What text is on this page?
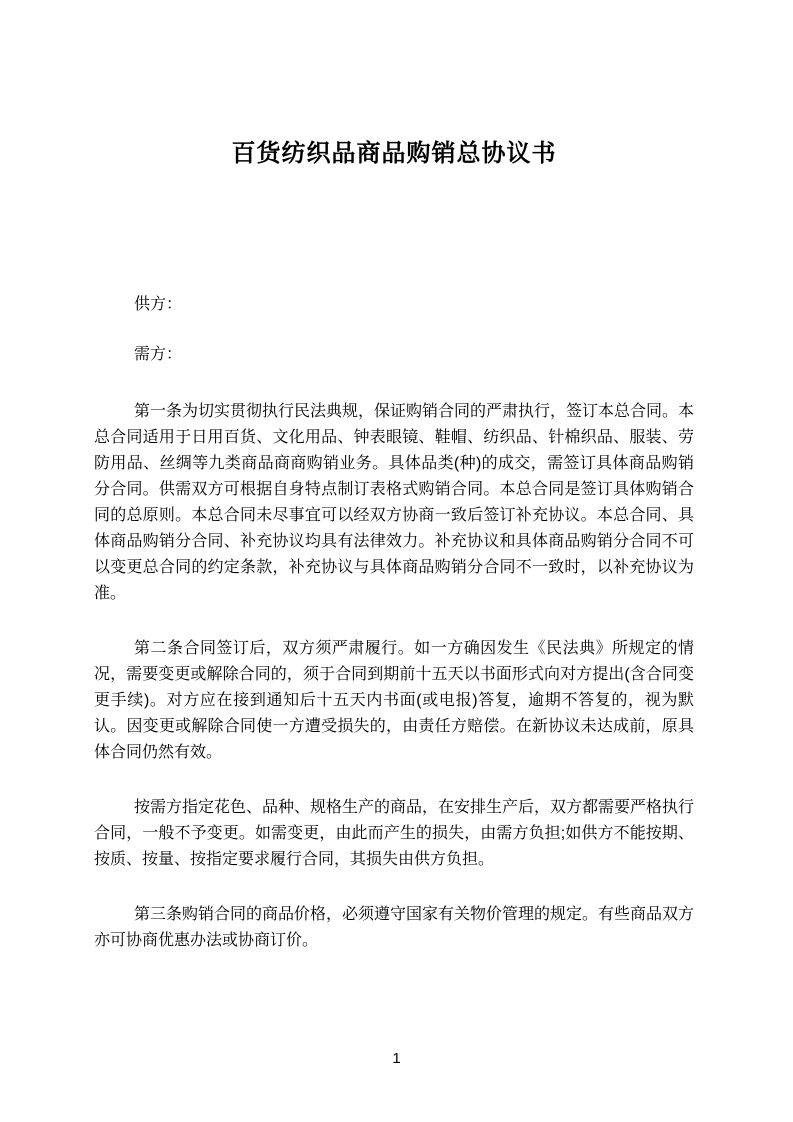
百货纺织品商品购销总协议书

供方：

需方：

第一条为切实贯彻执行民法典规，保证购销合同的严肃执行，签订本总合同。本总合同适用于日用百货、文化用品、钟表眼镜、鞋帽、纺织品、针棉织品、服装、劳防用品、丝绸等九类商品商商购销业务。具体品类(种)的成交，需签订具体商品购销分合同。供需双方可根据自身特点制订表格式购销合同。本总合同是签订具体购销合同的总原则。本总合同未尽事宜可以经双方协商一致后签订补充协议。本总合同、具体商品购销分合同、补充协议均具有法律效力。补充协议和具体商品购销分合同不可以变更总合同的约定条款，补充协议与具体商品购销分合同不一致时，以补充协议为准。

第二条合同签订后，双方须严肃履行。如一方确因发生《民法典》所规定的情况，需要变更或解除合同的，须于合同到期前十五天以书面形式向对方提出(含合同变更手续)。对方应在接到通知后十五天内书面(或电报)答复，逾期不答复的，视为默认。因变更或解除合同使一方遭受损失的，由责任方赔偿。在新协议未达成前，原具体合同仍然有效。

按需方指定花色、品种、规格生产的商品，在安排生产后，双方都需要严格执行合同，一般不予变更。如需变更，由此而产生的损失，由需方负担;如供方不能按期、按质、按量、按指定要求履行合同，其损失由供方负担。

第三条购销合同的商品价格，必须遵守国家有关物价管理的规定。有些商品双方亦可协商优惠办法或协商订价。

1
